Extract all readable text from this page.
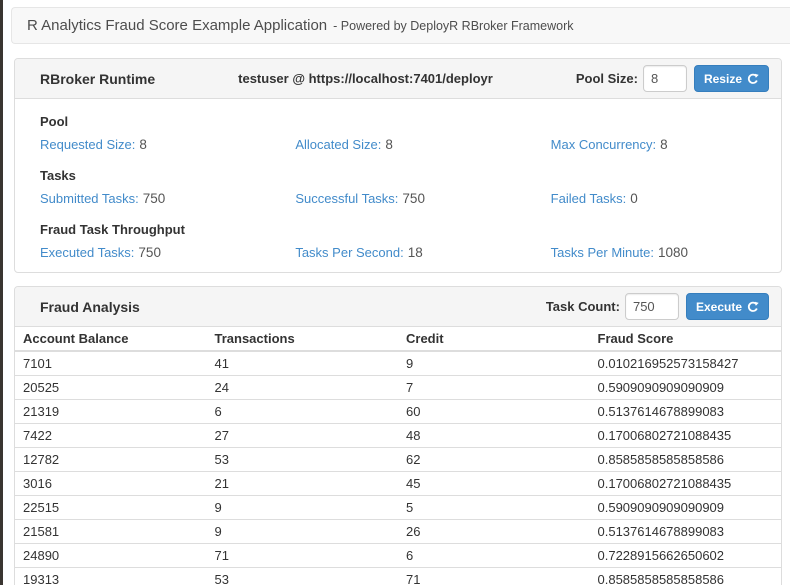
R Analytics Fraud Score Example Application - Powered by DeployR RBroker Framework
RBroker Runtime	testuser @ https://localhost:7401/deployr	Pool Size:
8	Resize
Pool
Requested Size: 8	Allocated Size: 8	Max Concurrency: 8
Tasks
Submitted Tasks: 750	Successful Tasks: 750	Failed Tasks: 0
Fraud Task Throughput
Executed Tasks: 750	Tasks Per Second: 18	Tasks Per Minute: 1080
Fraud Analysis	Task Count:
750	Execute
Account Balance	Transactions	Credit	Fraud Score
7101	41	9	0.010216952573158427
20525	24	7	0.5909090909090909
21319	6	60	0.5137614678899083
7422	27	48	0.17006802721088435
12782	53	62	0.8585858585858586
3016	21	45	0.17006802721088435
22515	9	5	0.5909090909090909
21581	9	26	0.5137614678899083
24890	71	6	0.7228915662650602
19313	53	71	0.8585858585858586
